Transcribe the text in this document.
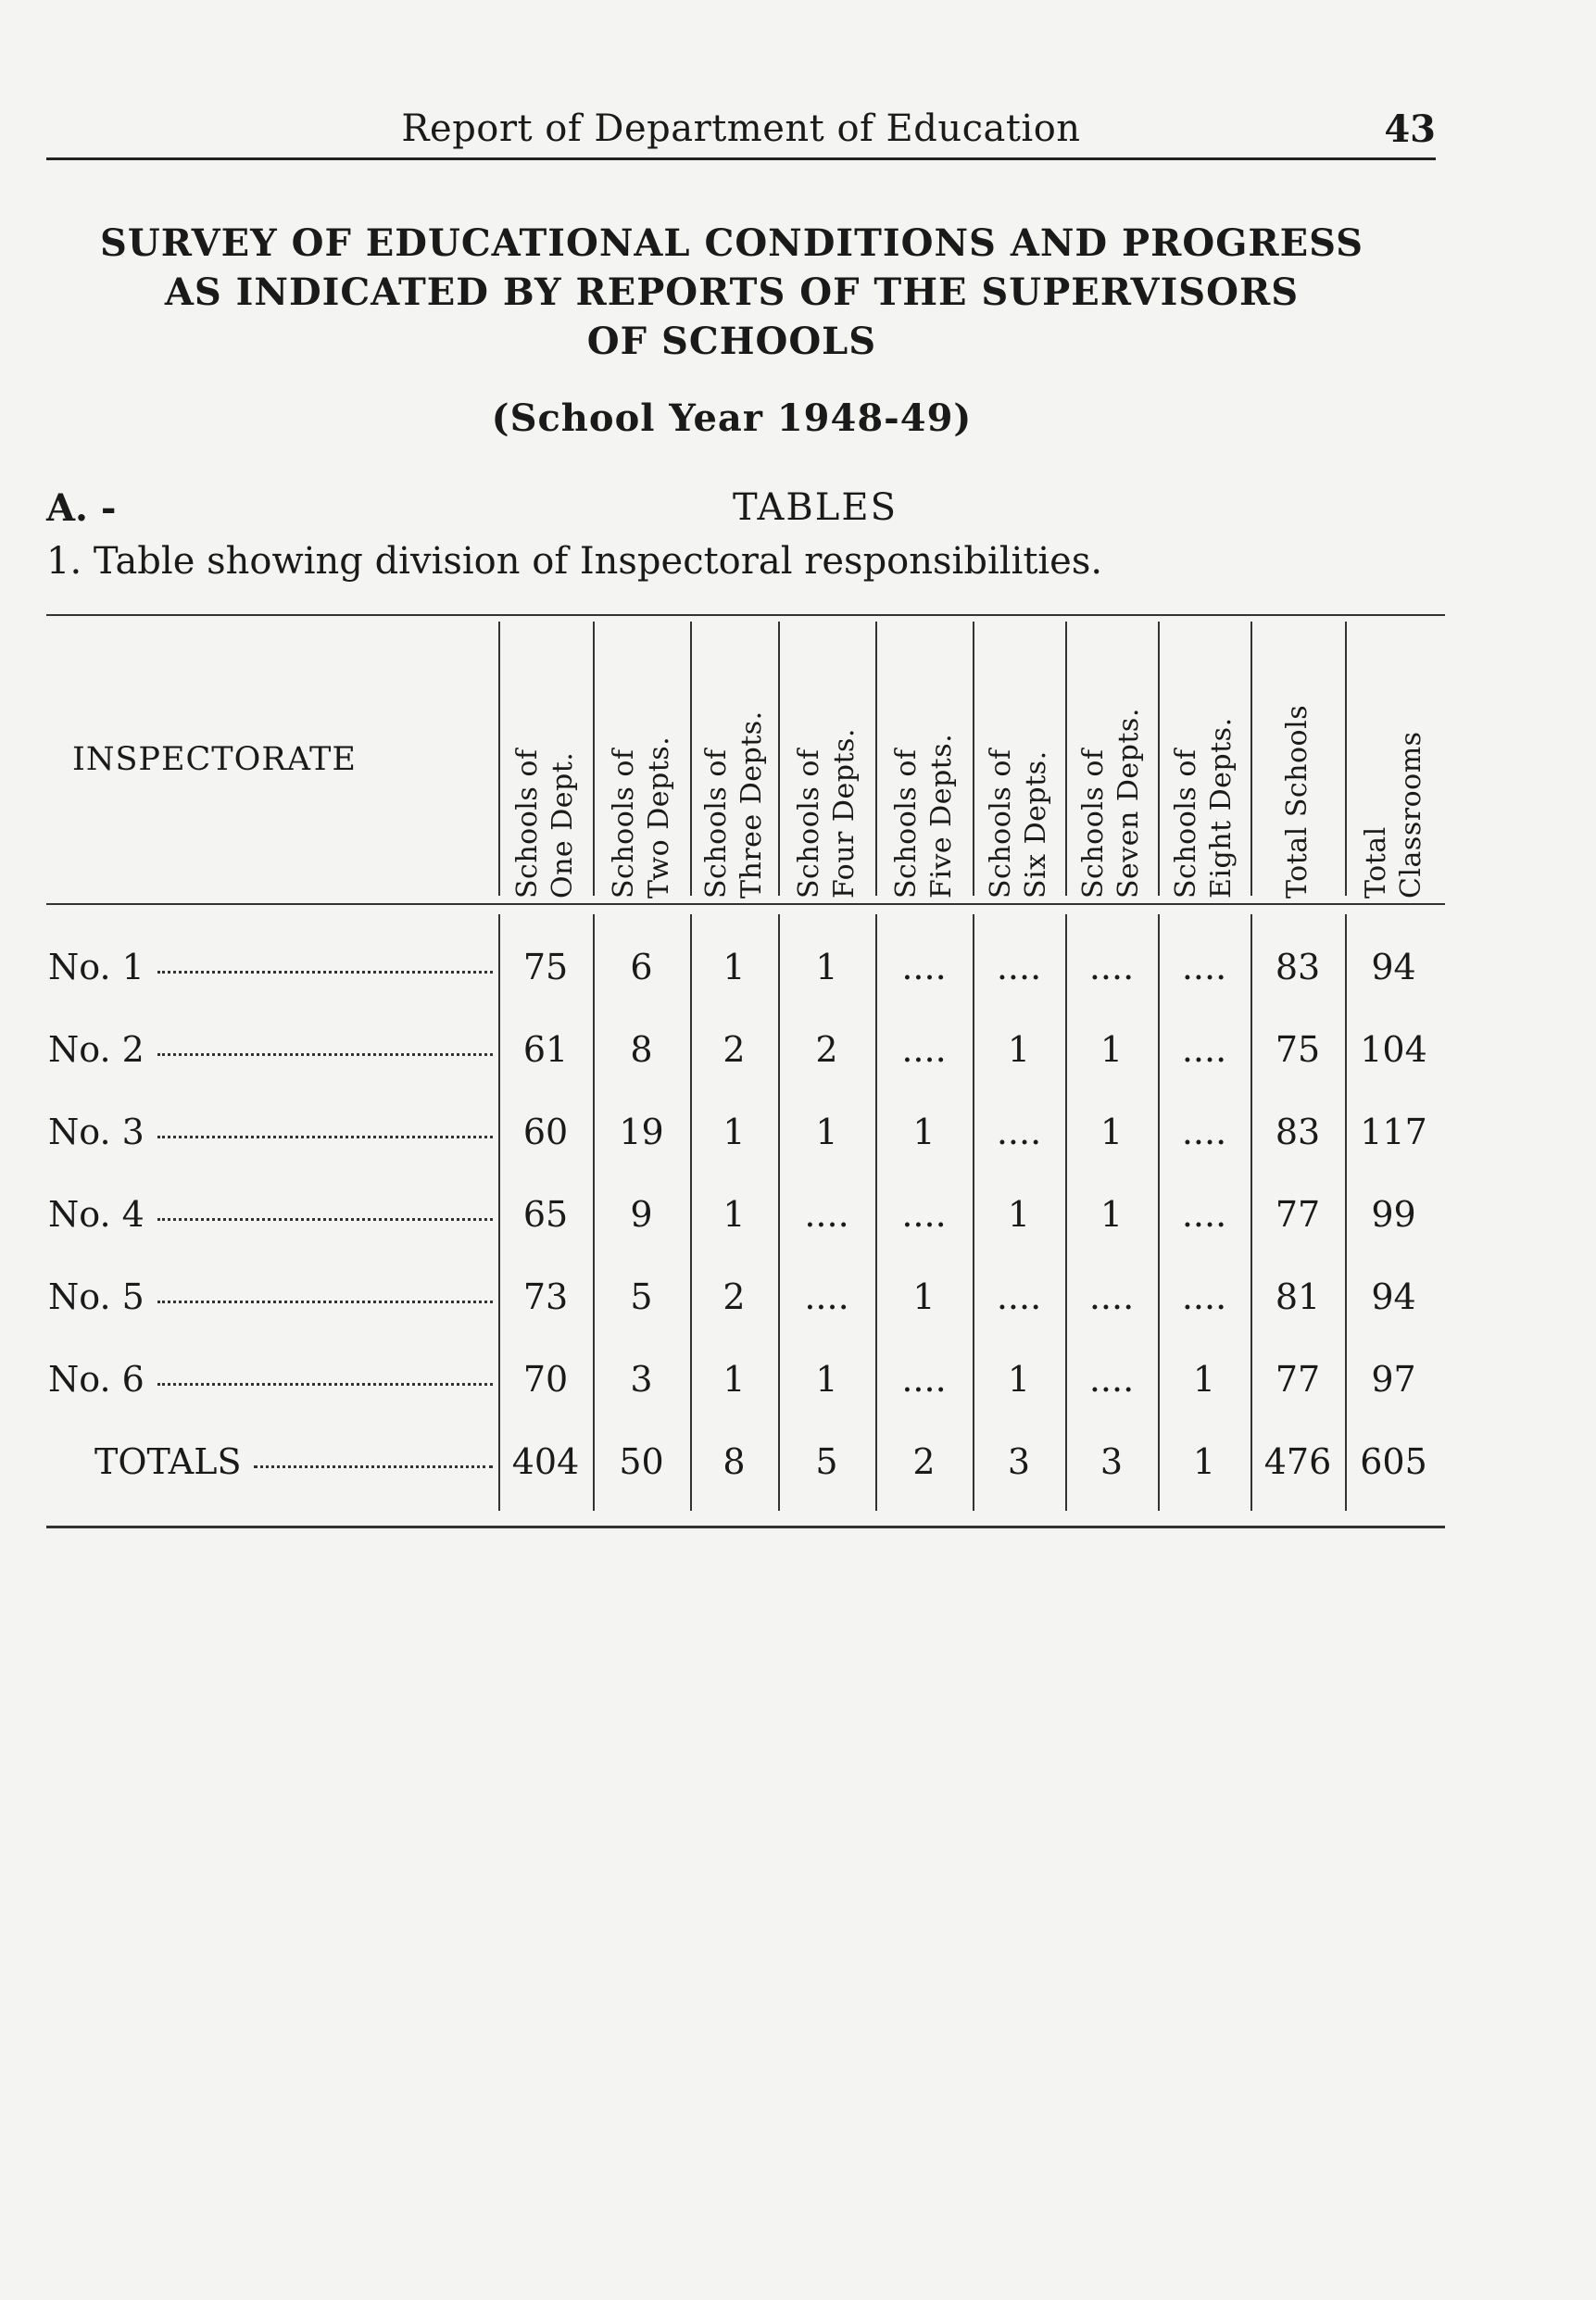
Report of Department of Education	43
SURVEY OF EDUCATIONAL CONDITIONS AND PROGRESS
AS INDICATED BY REPORTS OF THE SUPERVISORS
OF SCHOOLS
(School Year 1948-49)
A. -	TABLES
1. Table showing division of Inspectoral responsibilities.
INSPECTORATE	Schools of One Dept. Schools of Two Depts. Schools of Three Depts. Schools of Four Depts. Schools of Five Depts. Schools of Six Depts. Schools of Seven Depts. Schools of Eight Depts. Total Schools Total Classrooms
No. 1	75	6	1	1	....	....	....	....	83	94
No. 2	61	8	2	2	....	1	1	....	75	104
No. 3	60	19	1	1	1	....	1	....	83	117
No. 4	65	9	1	....	....	1	1	....	77	99
No. 5	73	5	2	....	1	....	....	....	81	94
No. 6	70	3	1	1	....	1	....	1	77	97
TOTALS	404	50	8	5	2	3	3	1	476 605
